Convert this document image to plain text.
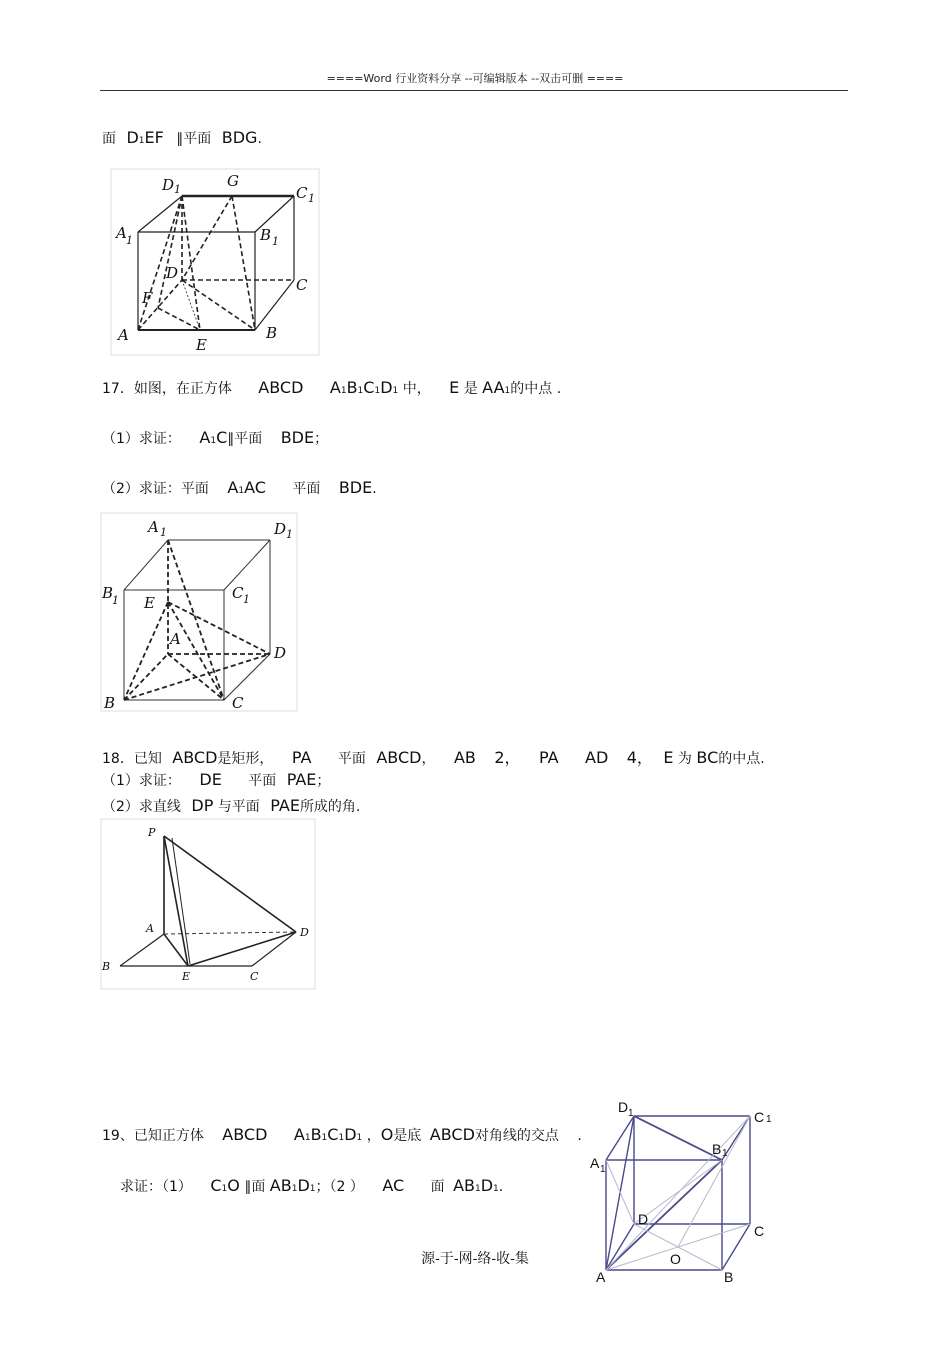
====Word 行业资料分享 --可编辑版本 --双击可删 ====
面 D1EF ∥平面 BDG.
D 1	G
C 1
A 1	B 1
D
C
F
A	B
E
17．如图，在正方体 ABCD A1B1C1D1 中， E 是 AA1的中点 .
（1）求证： A1C∥平面 BDE；
（2）求证：平面 A1AC 平面 BDE.
A 1	D 1
B
1 E
C 1
A
D
B	C
18．已知 ABCD是矩形， PA 平面 ABCD， AB 2， PA AD 4， E 为 BC的中点.
（1）求证： DE 平面 PAE；
（2）求直线 DP 与平面 PAE所成的角.
P
A	D
B
E	C
19、已知正方体 ABCD A1B1C1D1 ，O是底 ABCD对角线的交点 .
求证：（1） C1O ∥面 AB1D1；（2 ） AC 面 AB1D1.
D 1	C 1
B 1
A 1
D
C
O
A	B
源-于-网-络-收-集
